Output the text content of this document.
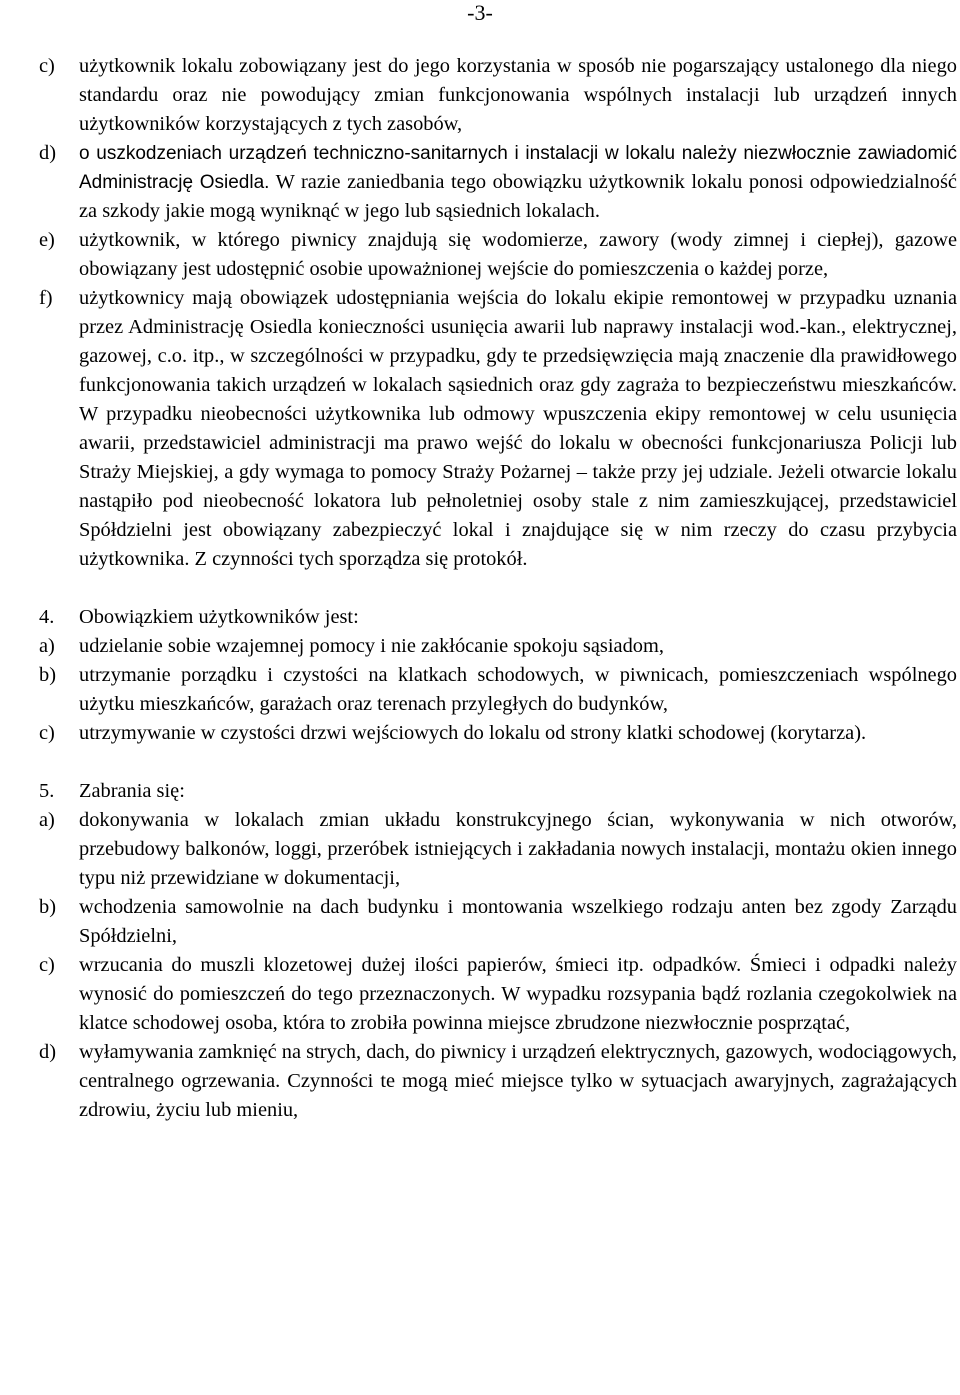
-3-
c)	użytkownik lokalu zobowiązany jest do jego korzystania w sposób nie pogarszający ustalonego dla niego standardu oraz nie powodujący zmian funkcjonowania wspólnych instalacji lub urządzeń innych użytkowników korzystających z tych zasobów,
d)	o uszkodzeniach urządzeń techniczno-sanitarnych i instalacji w lokalu należy niezwłocznie zawiadomić Administrację Osiedla. W razie zaniedbania tego obowiązku użytkownik lokalu ponosi odpowiedzialność za szkody jakie mogą wyniknąć w jego lub sąsiednich lokalach.
e)	użytkownik, w którego piwnicy znajdują się wodomierze, zawory (wody zimnej i ciepłej), gazowe obowiązany jest udostępnić osobie upoważnionej wejście do pomieszczenia o każdej porze,
f)	użytkownicy mają obowiązek udostępniania wejścia do lokalu ekipie remontowej w przypadku uznania przez Administrację Osiedla konieczności usunięcia awarii lub naprawy instalacji wod.-kan., elektrycznej, gazowej, c.o. itp., w szczególności w przypadku, gdy te przedsięwzięcia mają znaczenie dla prawidłowego funkcjonowania takich urządzeń w lokalach sąsiednich oraz gdy zagraża to bezpieczeństwu mieszkańców. W przypadku nieobecności użytkownika lub odmowy wpuszczenia ekipy remontowej w celu usunięcia awarii, przedstawiciel administracji ma prawo wejść do lokalu w obecności funkcjonariusza Policji lub Straży Miejskiej, a gdy wymaga to pomocy Straży Pożarnej – także przy jej udziale. Jeżeli otwarcie lokalu nastąpiło pod nieobecność lokatora lub pełnoletniej osoby stale z nim zamieszkującej, przedstawiciel Spółdzielni jest obowiązany zabezpieczyć lokal i znajdujące się w nim rzeczy do czasu przybycia użytkownika. Z czynności tych sporządza się protokół.
4.	Obowiązkiem użytkowników jest:
a)	udzielanie sobie wzajemnej pomocy i nie zakłócanie spokoju sąsiadom,
b)	utrzymanie porządku i czystości na klatkach schodowych, w piwnicach, pomieszczeniach wspólnego użytku mieszkańców, garażach oraz terenach przyległych do budynków,
c)	utrzymywanie w czystości drzwi wejściowych do lokalu od strony klatki schodowej (korytarza).
5.	Zabrania się:
a)	dokonywania w lokalach zmian układu konstrukcyjnego ścian, wykonywania w nich otworów, przebudowy balkonów, loggi, przeróbek istniejących i zakładania nowych instalacji, montażu okien innego typu niż przewidziane w dokumentacji,
b)	wchodzenia samowolnie na dach budynku i montowania wszelkiego rodzaju anten bez zgody Zarządu Spółdzielni,
c)	wrzucania do muszli klozetowej dużej ilości papierów, śmieci itp. odpadków. Śmieci i odpadki należy wynosić do pomieszczeń do tego przeznaczonych. W wypadku rozsypania bądź rozlania czegokolwiek na klatce schodowej osoba, która to zrobiła powinna miejsce zbrudzone niezwłocznie posprzątać,
d)	wyłamywania zamknięć na strych, dach, do piwnicy i urządzeń elektrycznych, gazowych, wodociągowych, centralnego ogrzewania. Czynności te mogą mieć miejsce tylko w sytuacjach awaryjnych, zagrażających zdrowiu, życiu lub mieniu,
